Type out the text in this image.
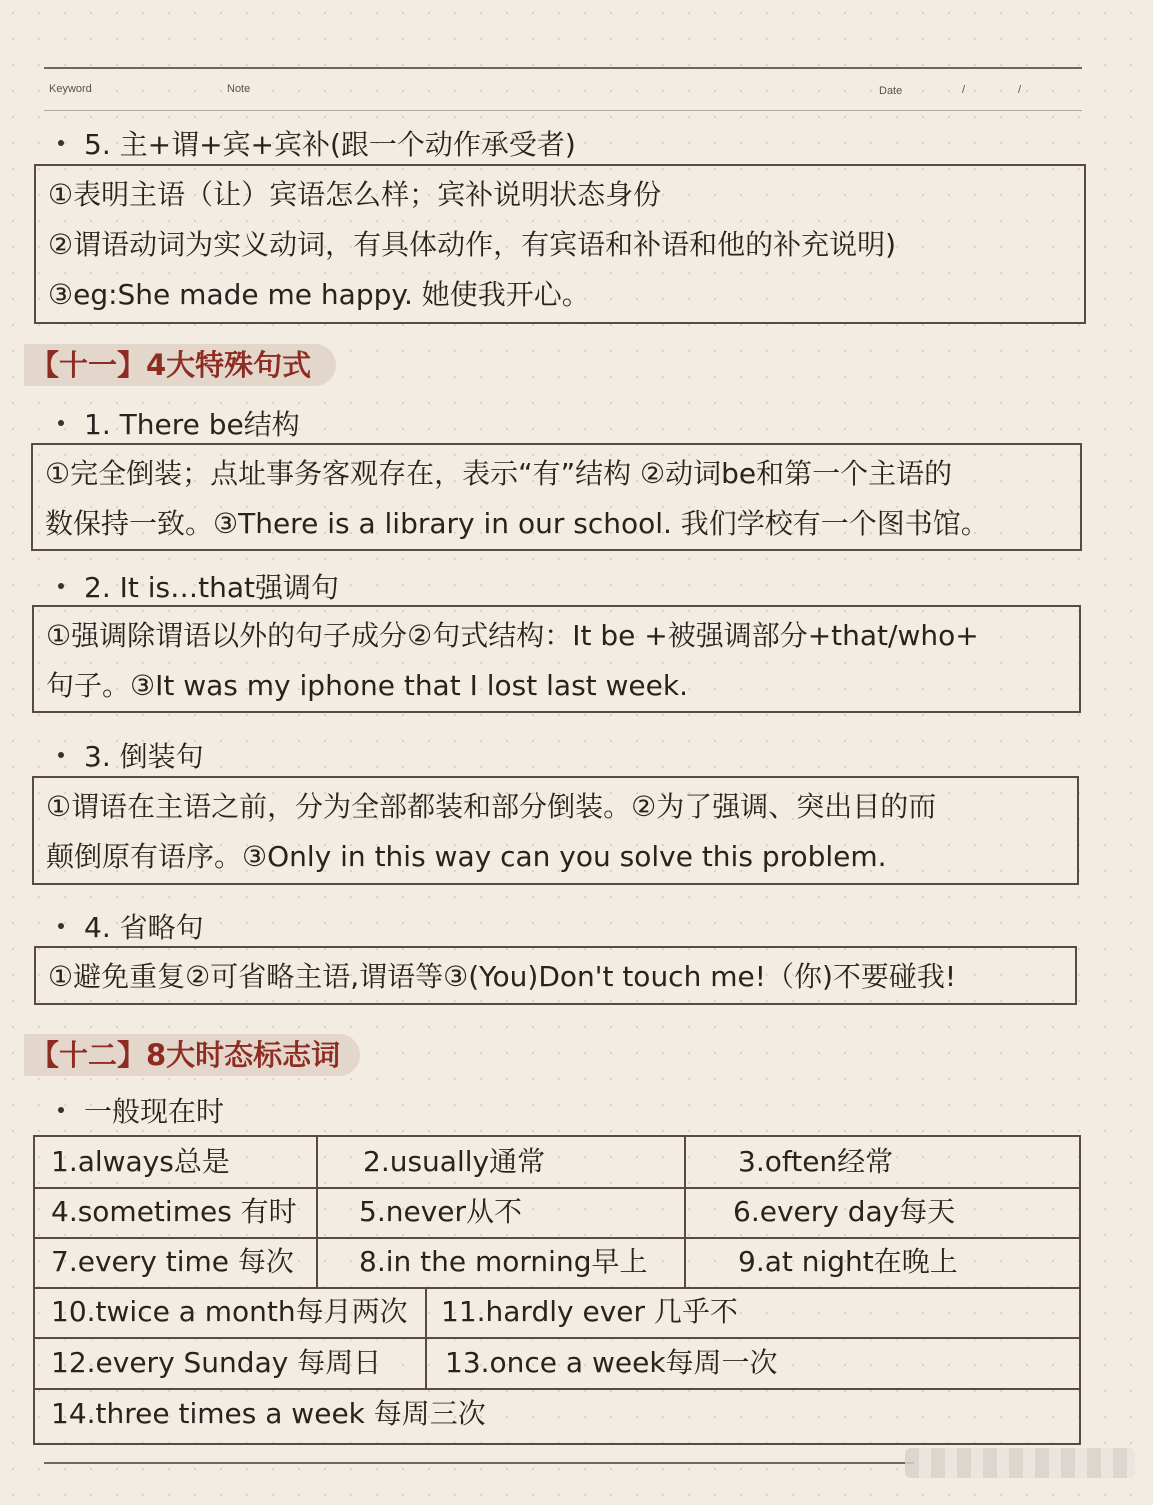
Keyword	Note	Date	/	/
5. 主+谓+宾+宾补(跟一个动作承受者)
①表明主语（让）宾语怎么样；宾补说明状态身份
②谓语动词为实义动词，有具体动作，有宾语和补语和他的补充说明)
③eg:She made me happy. 她使我开心。
【十一】4大特殊句式
1. There be结构
①完全倒装；点址事务客观存在，表示“有”结构 ②动词be和第一个主语的
数保持一致。③There is a library in our school. 我们学校有一个图书馆。
2. It is…that强调句
①强调除谓语以外的句子成分②句式结构：It be +被强调部分+that/who+
句子。③It was my iphone that I lost last week.
3. 倒装句
①谓语在主语之前，分为全部都装和部分倒装。②为了强调、突出目的而
颠倒原有语序。③Only in this way can you solve this problem.
4. 省略句
①避免重复②可省略主语,谓语等③(You)Don't touch me!（你)不要碰我!
【十二】8大时态标志词
一般现在时
1.always总是	2.usually通常	3.often经常
4.sometimes 有时 5.never从不	6.every day每天
7.every time 每次 8.in the morning早上	9.at night在晚上
10.twice a month每月两次 11.hardly ever 几乎不
12.every Sunday 每周日 13.once a week每周一次
14.three times a week 每周三次
